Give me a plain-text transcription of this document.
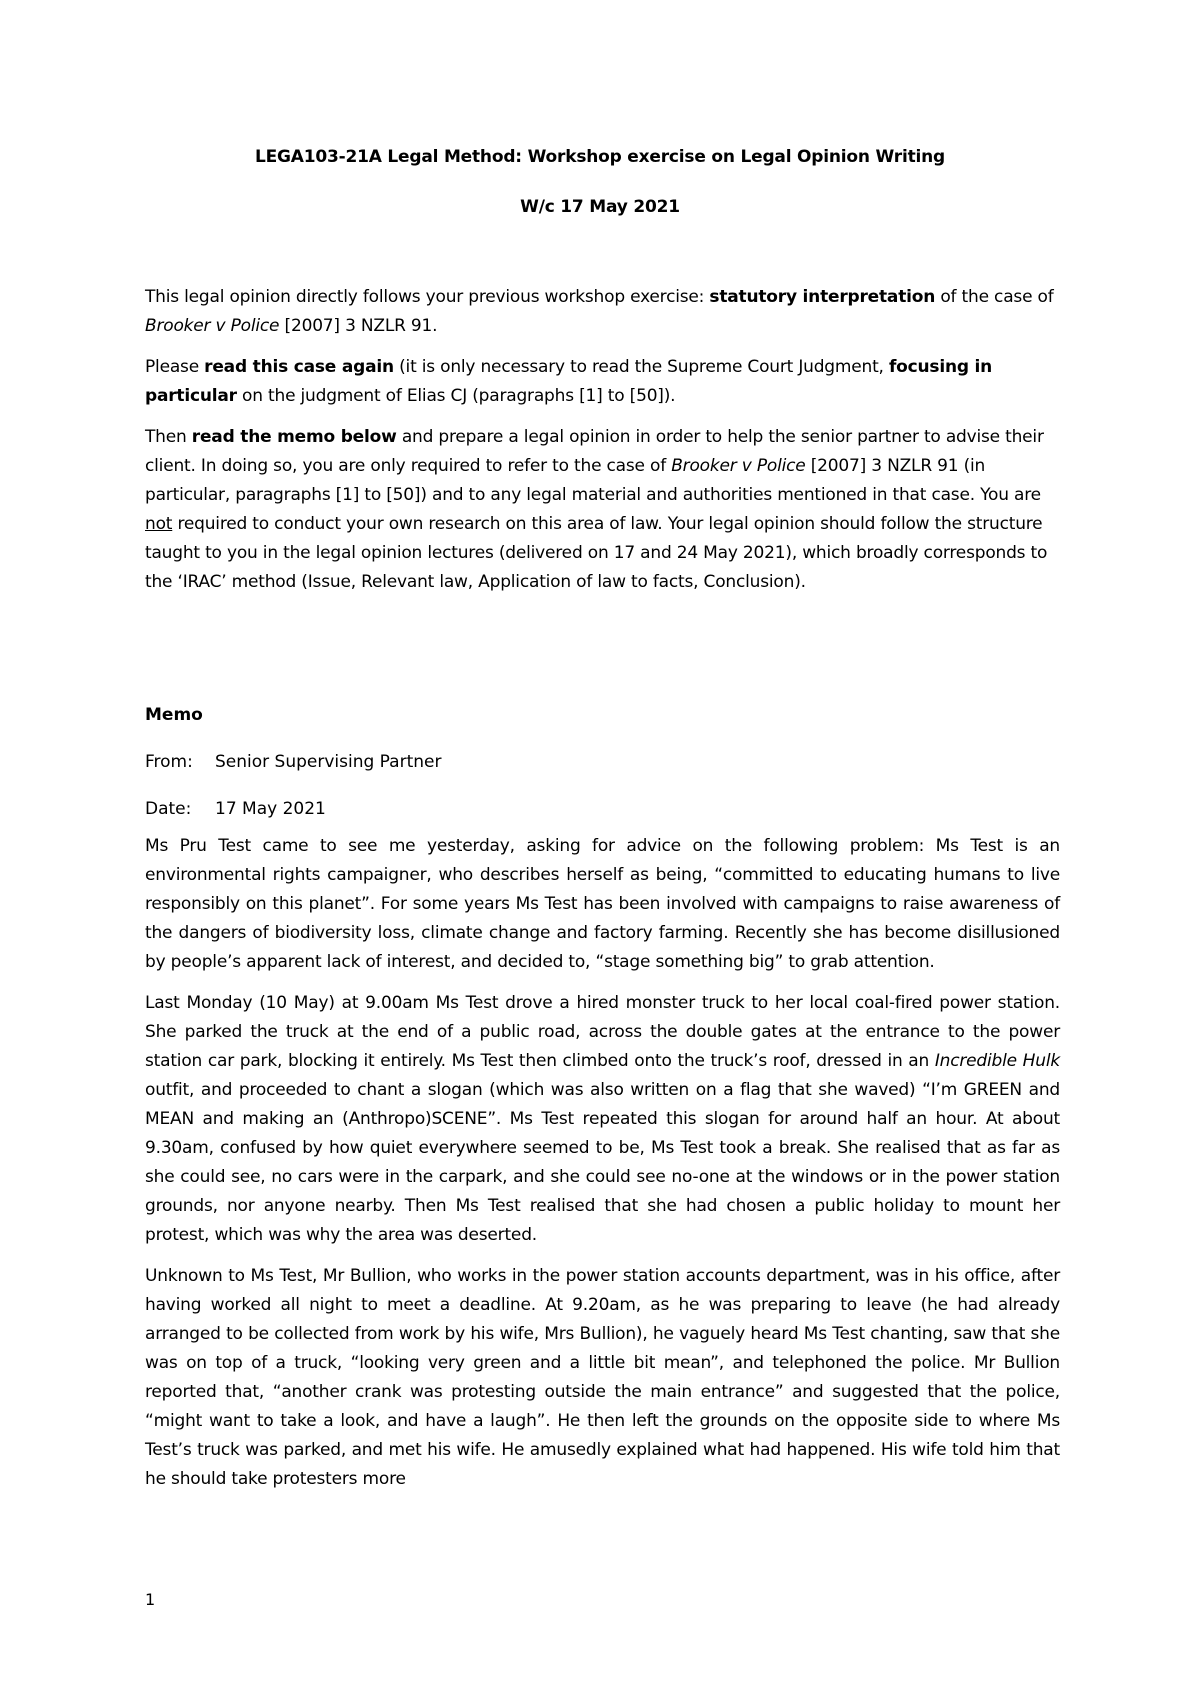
LEGA103-21A Legal Method: Workshop exercise on Legal Opinion Writing
W/c 17 May 2021

This legal opinion directly follows your previous workshop exercise: statutory interpretation of the case of Brooker v Police [2007] 3 NZLR 91.

Please read this case again (it is only necessary to read the Supreme Court Judgment, focusing in particular on the judgment of Elias CJ (paragraphs [1] to [50]).

Then read the memo below and prepare a legal opinion in order to help the senior partner to advise their client. In doing so, you are only required to refer to the case of Brooker v Police [2007] 3 NZLR 91 (in particular, paragraphs [1] to [50]) and to any legal material and authorities mentioned in that case. You are not required to conduct your own research on this area of law. Your legal opinion should follow the structure taught to you in the legal opinion lectures (delivered on 17 and 24 May 2021), which broadly corresponds to the ‘IRAC’ method (Issue, Relevant law, Application of law to facts, Conclusion).

Memo
From: Senior Supervising Partner
Date: 17 May 2021

Ms Pru Test came to see me yesterday, asking for advice on the following problem: Ms Test is an environmental rights campaigner, who describes herself as being, “committed to educating humans to live responsibly on this planet”. For some years Ms Test has been involved with campaigns to raise awareness of the dangers of biodiversity loss, climate change and factory farming. Recently she has become disillusioned by people’s apparent lack of interest, and decided to, “stage something big” to grab attention.

Last Monday (10 May) at 9.00am Ms Test drove a hired monster truck to her local coal-fired power station. She parked the truck at the end of a public road, across the double gates at the entrance to the power station car park, blocking it entirely. Ms Test then climbed onto the truck’s roof, dressed in an Incredible Hulk outfit, and proceeded to chant a slogan (which was also written on a flag that she waved) “I’m GREEN and MEAN and making an (Anthropo)SCENE”. Ms Test repeated this slogan for around half an hour. At about 9.30am, confused by how quiet everywhere seemed to be, Ms Test took a break. She realised that as far as she could see, no cars were in the carpark, and she could see no-one at the windows or in the power station grounds, nor anyone nearby. Then Ms Test realised that she had chosen a public holiday to mount her protest, which was why the area was deserted.

Unknown to Ms Test, Mr Bullion, who works in the power station accounts department, was in his office, after having worked all night to meet a deadline. At 9.20am, as he was preparing to leave (he had already arranged to be collected from work by his wife, Mrs Bullion), he vaguely heard Ms Test chanting, saw that she was on top of a truck, “looking very green and a little bit mean”, and telephoned the police. Mr Bullion reported that, “another crank was protesting outside the main entrance” and suggested that the police, “might want to take a look, and have a laugh”. He then left the grounds on the opposite side to where Ms Test’s truck was parked, and met his wife. He amusedly explained what had happened. His wife told him that he should take protesters more

1
